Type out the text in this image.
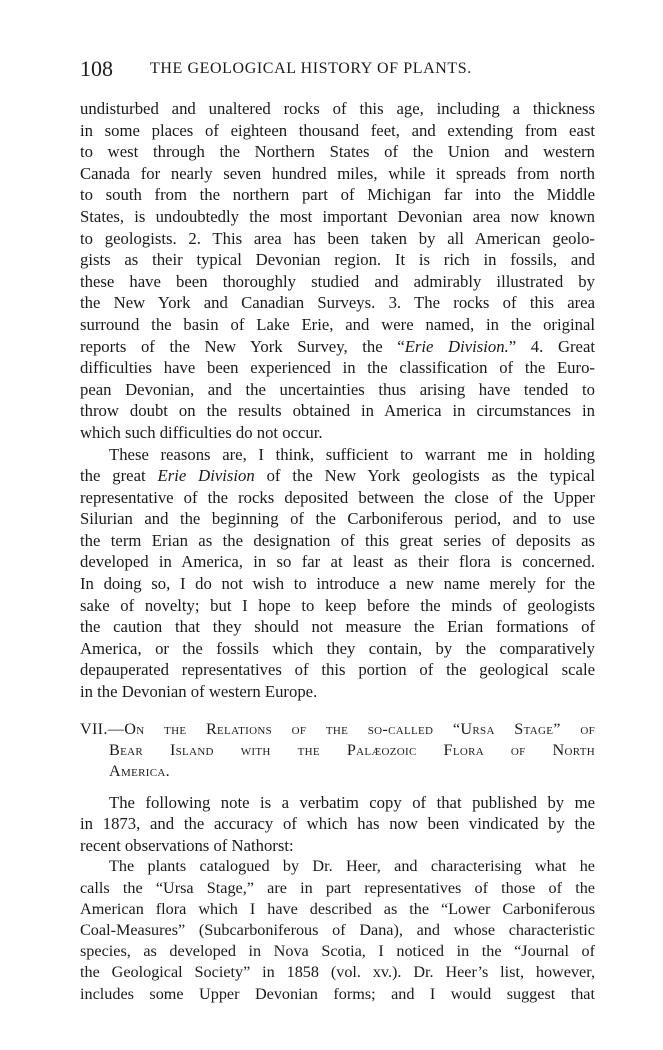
108 THE GEOLOGICAL HISTORY OF PLANTS.

undisturbed and unaltered rocks of this age, including a thickness
in some places of eighteen thousand feet, and extending from east
to west through the Northern States of the Union and western
Canada for nearly seven hundred miles, while it spreads from north
to south from the northern part of Michigan far into the Middle
States, is undoubtedly the most important Devonian area now known
to geologists. 2. This area has been taken by all American geolo-
gists as their typical Devonian region. It is rich in fossils, and
these have been thoroughly studied and admirably illustrated by
the New York and Canadian Surveys. 3. The rocks of this area
surround the basin of Lake Erie, and were named, in the original
reports of the New York Survey, the “Erie Division.” 4. Great
difficulties have been experienced in the classification of the Euro-
pean Devonian, and the uncertainties thus arising have tended to
throw doubt on the results obtained in America in circumstances in
which such difficulties do not occur.

These reasons are, I think, sufficient to warrant me in holding
the great Erie Division of the New York geologists as the typical
representative of the rocks deposited between the close of the Upper
Silurian and the beginning of the Carboniferous period, and to use
the term Erian as the designation of this great series of deposits as
developed in America, in so far at least as their flora is concerned.
In doing so, I do not wish to introduce a new name merely for the
sake of novelty; but I hope to keep before the minds of geologists
the caution that they should not measure the Erian formations of
America, or the fossils which they contain, by the comparatively
depauperated representatives of this portion of the geological scale
in the Devonian of western Europe.

VII.—On the Relations of the so-called “Ursa Stage” of
Bear Island with the Palæozoic Flora of North
America.

The following note is a verbatim copy of that published by me
in 1873, and the accuracy of which has now been vindicated by the
recent observations of Nathorst:

The plants catalogued by Dr. Heer, and characterising what he
calls the “Ursa Stage,” are in part representatives of those of the
American flora which I have described as the “Lower Carboniferous
Coal-Measures” (Subcarboniferous of Dana), and whose characteristic
species, as developed in Nova Scotia, I noticed in the “Journal of
the Geological Society” in 1858 (vol. xv.). Dr. Heer’s list, however,
includes some Upper Devonian forms; and I would suggest that
